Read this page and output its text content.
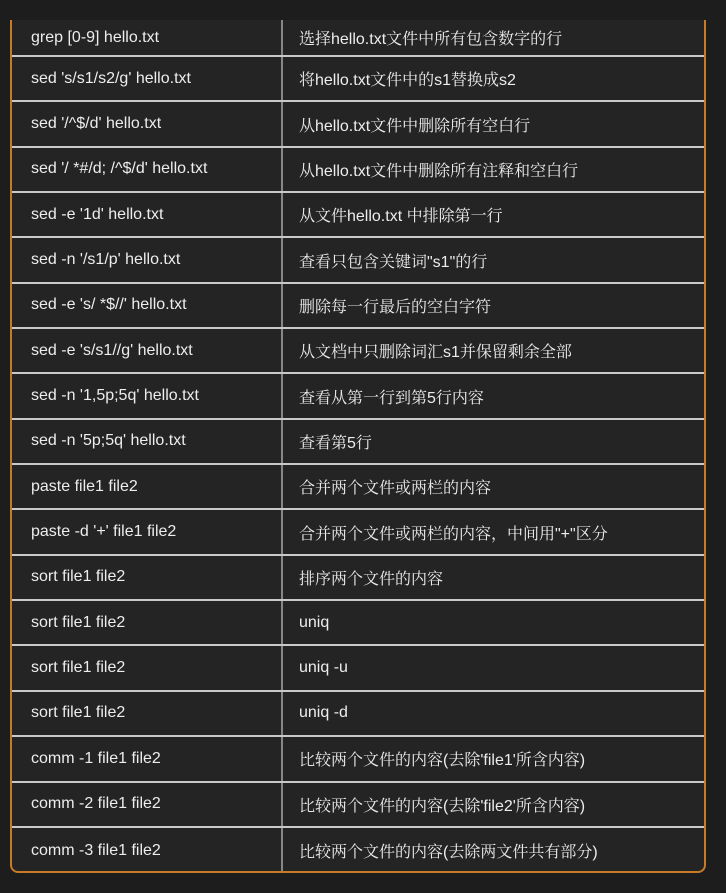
grep [0-9] hello.txt	选择hello.txt文件中所有包含数字的行
sed 's/s1/s2/g' hello.txt	将hello.txt文件中的s1替换成s2
sed '/^$/d' hello.txt	从hello.txt文件中删除所有空白行
sed '/ *#/d; /^$/d' hello.txt	从hello.txt文件中删除所有注释和空白行
sed -e '1d' hello.txt	从文件hello.txt 中排除第一行
sed -n '/s1/p' hello.txt	查看只包含关键词"s1"的行
sed -e 's/ *$//' hello.txt	删除每一行最后的空白字符
sed -e 's/s1//g' hello.txt	从文档中只删除词汇s1并保留剩余全部
sed -n '1,5p;5q' hello.txt	查看从第一行到第5行内容
sed -n '5p;5q' hello.txt	查看第5行
paste file1 file2	合并两个文件或两栏的内容
paste -d '+' file1 file2	合并两个文件或两栏的内容，中间用"+"区分
sort file1 file2	排序两个文件的内容
sort file1 file2	uniq
sort file1 file2	uniq -u
sort file1 file2	uniq -d
comm -1 file1 file2	比较两个文件的内容(去除'file1'所含内容)
comm -2 file1 file2	比较两个文件的内容(去除'file2'所含内容)
comm -3 file1 file2	比较两个文件的内容(去除两文件共有部分)
